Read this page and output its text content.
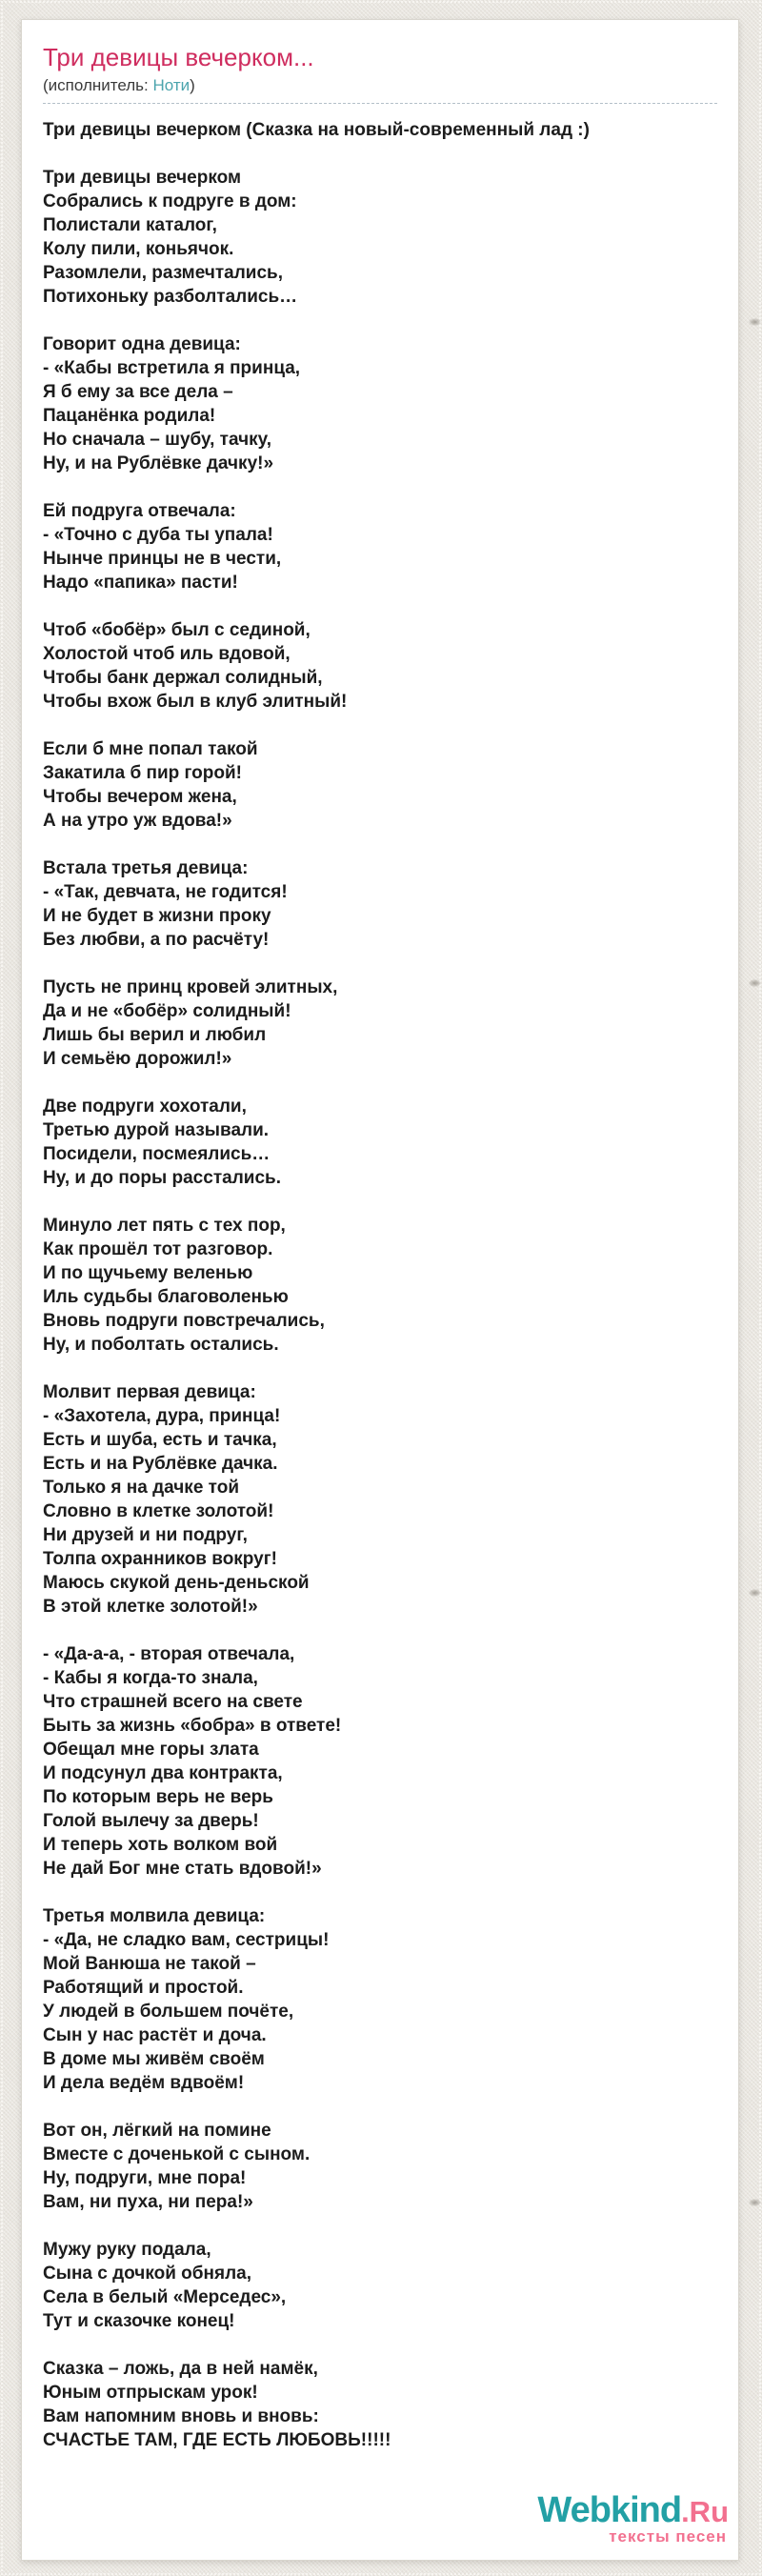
Три девицы вечерком...
(исполнитель: Ноти)
Три девицы вечерком (Сказка на новый-современный лад :)
Три девицы вечерком
Собрались к подруге в дом:
Полистали каталог,
Колу пили, коньячок.
Разомлели, размечтались,
Потихоньку разболтались…
Говорит одна девица:
- «Кабы встретила я принца,
Я б ему за все дела –
Пацанёнка родила!
Но сначала – шубу, тачку,
Ну, и на Рублёвке дачку!»
Ей подруга отвечала:
- «Точно с дуба ты упала!
Нынче принцы не в чести,
Надо «папика» пасти!
Чтоб «бобёр» был с сединой,
Холостой чтоб иль вдовой,
Чтобы банк держал солидный,
Чтобы вхож был в клуб элитный!
Если б мне попал такой
Закатила б пир горой!
Чтобы вечером жена,
А на утро уж вдова!»
Встала третья девица:
- «Так, девчата, не годится!
И не будет в жизни проку
Без любви, а по расчёту!
Пусть не принц кровей элитных,
Да и не «бобёр» солидный!
Лишь бы верил и любил
И семьёю дорожил!»
Две подруги хохотали,
Третью дурой называли.
Посидели, посмеялись…
Ну, и до поры расстались.
Минуло лет пять с тех пор,
Как прошёл тот разговор.
И по щучьему веленью
Иль судьбы благоволенью
Вновь подруги повстречались,
Ну, и поболтать остались.
Молвит первая девица:
- «Захотела, дура, принца!
Есть и шуба, есть и тачка,
Есть и на Рублёвке дачка.
Только я на дачке той
Словно в клетке золотой!
Ни друзей и ни подруг,
Толпа охранников вокруг!
Маюсь скукой день-деньской
В этой клетке золотой!»
- «Да-а-а, - вторая отвечала,
- Кабы я когда-то знала,
Что страшней всего на свете
Быть за жизнь «бобра» в ответе!
Обещал мне горы злата
И подсунул два контракта,
По которым верь не верь
Голой вылечу за дверь!
И теперь хоть волком вой
Не дай Бог мне стать вдовой!»
Третья молвила девица:
- «Да, не сладко вам, сестрицы!
Мой Ванюша не такой –
Работящий и простой.
У людей в большем почёте,
Сын у нас растёт и доча.
В доме мы живём своём
И дела ведём вдвоём!
Вот он, лёгкий на помине
Вместе с доченькой с сыном.
Ну, подруги, мне пора!
Вам, ни пуха, ни пера!»
Мужу руку подала,
Сына с дочкой обняла,
Села в белый «Мерседес»,
Тут и сказочке конец!
Сказка – ложь, да в ней намёк,
Юным отпрыскам урок!
Вам напомним вновь и вновь:
СЧАСТЬЕ ТАМ, ГДЕ ЕСТЬ ЛЮБОВЬ!!!!!
Webkind.Ru
тексты песен
